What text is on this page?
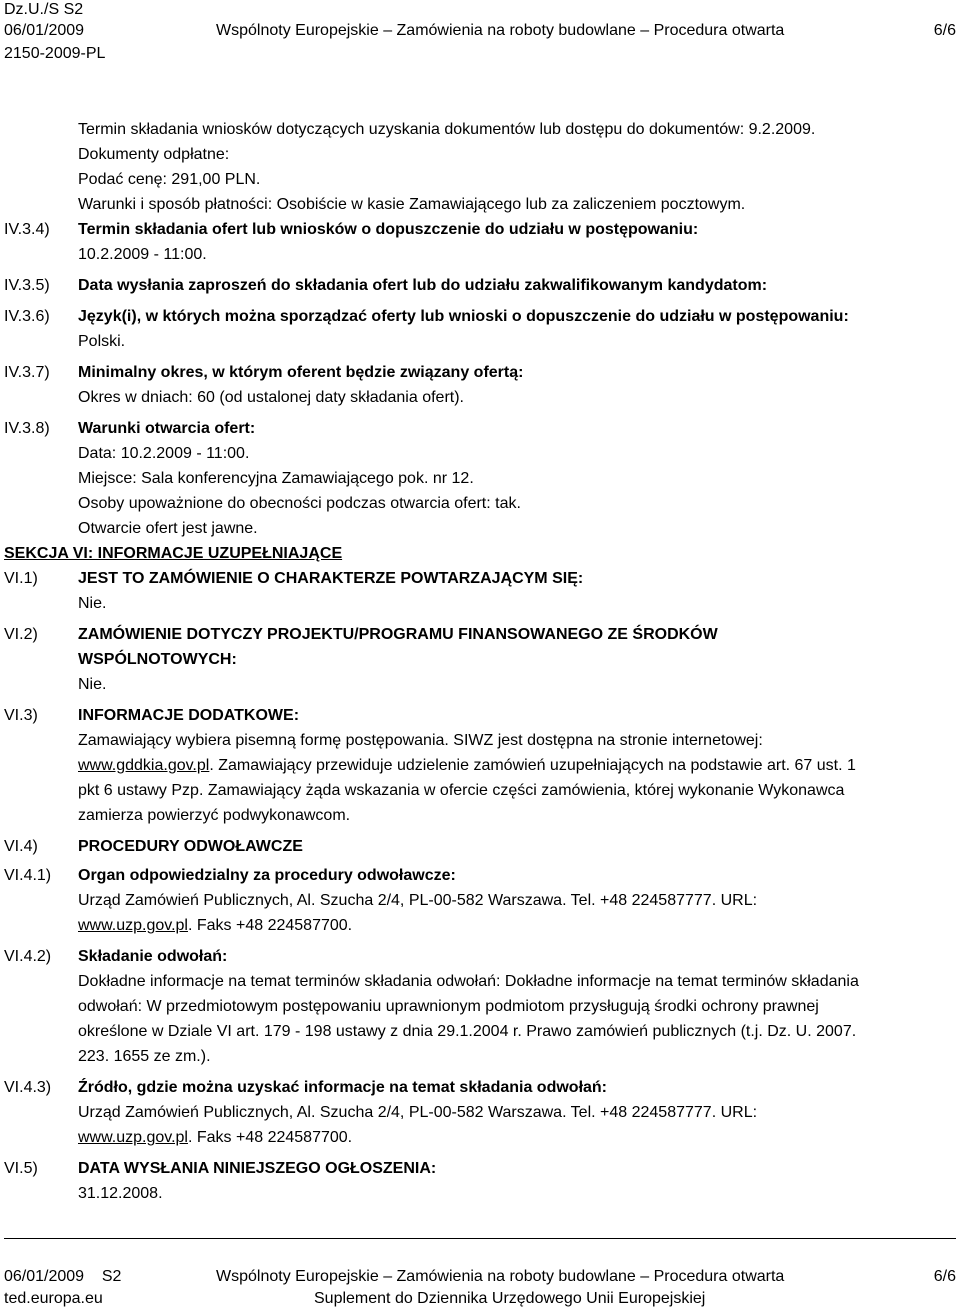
Dz.U./S S2
06/01/2009	Wspólnoty Europejskie – Zamówienia na roboty budowlane – Procedura otwarta	6/6
2150-2009-PL
Termin składania wniosków dotyczących uzyskania dokumentów lub dostępu do dokumentów: 9.2.2009.
Dokumenty odpłatne:
Podać cenę: 291,00 PLN.
Warunki i sposób płatności: Osobiście w kasie Zamawiającego lub za zaliczeniem pocztowym.
IV.3.4)	Termin składania ofert lub wniosków o dopuszczenie do udziału w postępowaniu:
10.2.2009 - 11:00.
IV.3.5)	Data wysłania zaproszeń do składania ofert lub do udziału zakwalifikowanym kandydatom:
IV.3.6)	Język(i), w których można sporządzać oferty lub wnioski o dopuszczenie do udziału w postępowaniu:
Polski.
IV.3.7)	Minimalny okres, w którym oferent będzie związany ofertą:
Okres w dniach: 60 (od ustalonej daty składania ofert).
IV.3.8)	Warunki otwarcia ofert:
Data: 10.2.2009 - 11:00.
Miejsce: Sala konferencyjna Zamawiającego pok. nr 12.
Osoby upoważnione do obecności podczas otwarcia ofert: tak.
Otwarcie ofert jest jawne.
SEKCJA VI: INFORMACJE UZUPEŁNIAJĄCE
VI.1)	JEST TO ZAMÓWIENIE O CHARAKTERZE POWTARZAJĄCYM SIĘ:
Nie.
VI.2)	ZAMÓWIENIE DOTYCZY PROJEKTU/PROGRAMU FINANSOWANEGO ZE ŚRODKÓW
WSPÓLNOTOWYCH:
Nie.
VI.3)	INFORMACJE DODATKOWE:
Zamawiający wybiera pisemną formę postępowania. SIWZ jest dostępna na stronie internetowej:
www.gddkia.gov.pl. Zamawiający przewiduje udzielenie zamówień uzupełniających na podstawie art. 67 ust. 1
pkt 6 ustawy Pzp. Zamawiający żąda wskazania w ofercie części zamówienia, której wykonanie Wykonawca
zamierza powierzyć podwykonawcom.
VI.4)	PROCEDURY ODWOŁAWCZE
VI.4.1)	Organ odpowiedzialny za procedury odwoławcze:
Urząd Zamówień Publicznych, Al. Szucha 2/4, PL-00-582 Warszawa. Tel. +48 224587777. URL:
www.uzp.gov.pl. Faks +48 224587700.
VI.4.2)	Składanie odwołań:
Dokładne informacje na temat terminów składania odwołań: Dokładne informacje na temat terminów składania
odwołań: W przedmiotowym postępowaniu uprawnionym podmiotom przysługują środki ochrony prawnej
określone w Dziale VI art. 179 - 198 ustawy z dnia 29.1.2004 r. Prawo zamówień publicznych (t.j. Dz. U. 2007.
223. 1655 ze zm.).
VI.4.3)	Źródło, gdzie można uzyskać informacje na temat składania odwołań:
Urząd Zamówień Publicznych, Al. Szucha 2/4, PL-00-582 Warszawa. Tel. +48 224587777. URL:
www.uzp.gov.pl. Faks +48 224587700.
VI.5)	DATA WYSŁANIA NINIEJSZEGO OGŁOSZENIA:
31.12.2008.
06/01/2009 S2	Wspólnoty Europejskie – Zamówienia na roboty budowlane – Procedura otwarta	6/6
ted.europa.eu	Suplement do Dziennika Urzędowego Unii Europejskiej
